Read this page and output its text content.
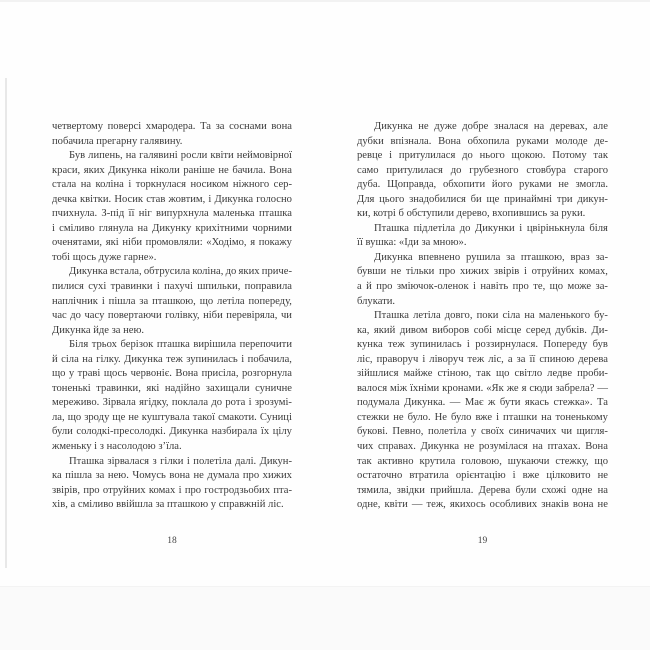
четвертому поверсі хмародера. Та за соснами вона
побачила прегарну галявину.
Був липень, на галявині росли квіти неймовірної
краси, яких Дикунка ніколи раніше не бачила. Вона
стала на коліна і торкнулася носиком ніжного сер-
дечка квітки. Носик став жовтим, і Дикунка голосно
пчихнула. З-під її ніг випурхнула маленька пташка
і сміливо глянула на Дикунку крихітними чорними
оченятами, які ніби промовляли: «Ходімо, я покажу
тобі щось дуже гарне».
Дикунка встала, обтрусила коліна, до яких приче-
пилися сухі травинки і пахучі шпильки, поправила
наплічник і пішла за пташкою, що летіла попереду,
час до часу повертаючи голівку, ніби перевіряла, чи
Дикунка йде за нею.
Біля трьох берізок пташка вирішила перепочити
й сіла на гілку. Дикунка теж зупинилась і побачила,
що у траві щось червоніє. Вона присіла, розгорнула
тоненькі травинки, які надійно захищали суничне
мереживо. Зірвала ягідку, поклала до рота і зрозумі-
ла, що зроду ще не куштувала такої смакоти. Суниці
були солодкі-пресолодкі. Дикунка назбирала їх цілу
жменьку і з насолодою з’їла.
Пташка зірвалася з гілки і полетіла далі. Дикун-
ка пішла за нею. Чомусь вона не думала про хижих
звірів, про отруйних комах і про гостродзьобих пта-
хів, а сміливо ввійшла за пташкою у справжній ліс.
Дикунка не дуже добре зналася на деревах, але
дубки впізнала. Вона обхопила руками молоде де-
ревце і притулилася до нього щокою. Потому так
само притулилася до грубезного стовбура старого
дуба. Щоправда, обхопити його руками не змогла.
Для цього знадобилися би ще принаймні три дикун-
ки, котрі б обступили дерево, вхопившись за руки.
Пташка підлетіла до Дикунки і цвірінькнула біля
її вушка: «Іди за мною».
Дикунка впевнено рушила за пташкою, враз за-
бувши не тільки про хижих звірів і отруйних комах,
а й про зміючок-оленок і навіть про те, що може за-
блукати.
Пташка летіла довго, поки сіла на маленького бу-
ка, який дивом виборов собі місце серед дубків. Ди-
кунка теж зупинилась і роззирнулася. Попереду був
ліс, праворуч і ліворуч теж ліс, а за її спиною дерева
зійшлися майже стіною, так що світло ледве проби-
валося між їхніми кронами. «Як же я сюди забрела? —
подумала Дикунка. — Має ж бути якась стежка». Та
стежки не було. Не було вже і пташки на тоненькому
букові. Певно, полетіла у своїх синичачих чи щигля-
чих справах. Дикунка не розумілася на птахах. Вона
так активно крутила головою, шукаючи стежку, що
остаточно втратила орієнтацію і вже цілковито не
тямила, звідки прийшла. Дерева були схожі одне на
одне, квіти — теж, якихось особливих знаків вона не
18	19
